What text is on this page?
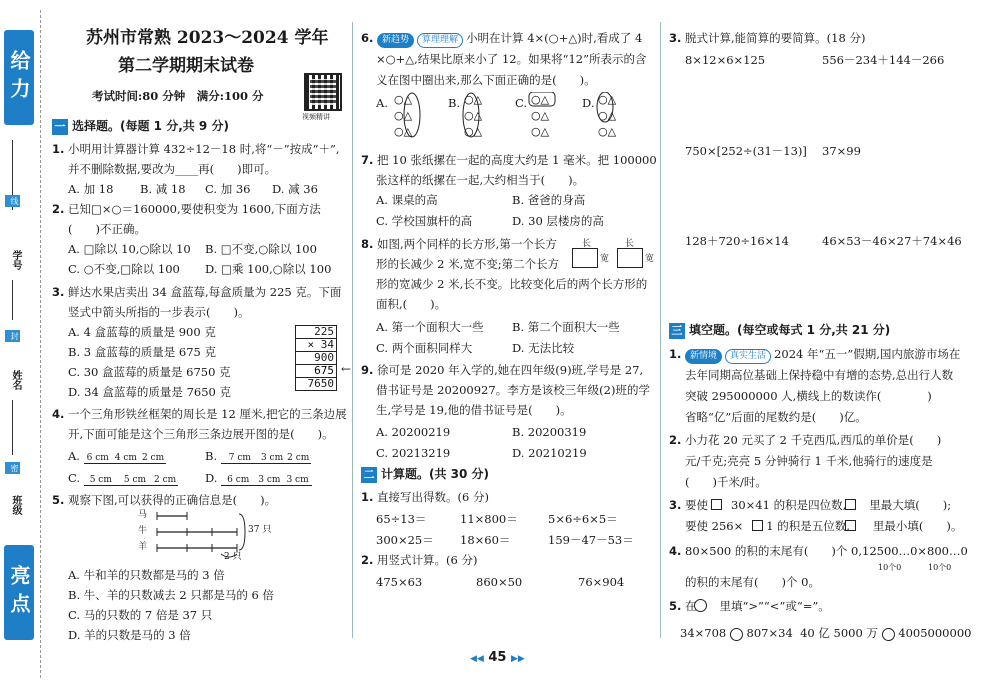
给力
线
学号
封
姓名
密
班级
亮点
苏州市常熟 2023～2024 学年
第二学期期末试卷
考试时间:80 分钟　满分:100 分
视频精讲
一 选择题。(每题 1 分,共 9 分)
1. 小明用计算器计算 432÷12－18 时,将“－”按成“＋”,
并不删除数据,要改为____再(　　)即可。
A. 加 18 B. 减 18 C. 加 36 D. 减 36
2. 已知□×○＝160000,要使积变为 1600,下面方法
(　　)不正确。
A. □除以 10,○除以 10 B. □不变,○除以 100
C. ○不变,□除以 100 D. □乘 100,○除以 100
3. 鲜达水果店卖出 34 盒蓝莓,每盒质量为 225 克。下面
竖式中箭头所指的一步表示(　　)。
A. 4 盒蓝莓的质量是 900 克
B. 3 盒蓝莓的质量是 675 克
C. 30 盒蓝莓的质量是 6750 克
D. 34 盒蓝莓的质量是 7650 克
225
× 34
900
675
7650
←
4. 一个三角形铁丝框架的周长是 12 厘米,把它的三条边展
开,下面可能是这个三角形三条边展开图的是(　　)。
A. 6 cm 4 cm 2 cm	B. 7 cm 3 cm 2 cm
C. 5 cm 5 cm 2 cm	D. 6 cm 3 cm 3 cm
5. 观察下图,可以获得的正确信息是(　　)。
马
牛
羊
37 只
2 只
A. 牛和羊的只数都是马的 3 倍
B. 牛、羊的只数减去 2 只都是马的 6 倍
C. 马的只数的 7 倍是 37 只
D. 羊的只数是马的 3 倍
6. 新趋势 算理理解 小明在计算 4×(○+△)时,看成了 4
×○+△,结果比原来小了 12。如果将“12”所表示的含
义在图中圈出来,那么下面正确的是(　　)。
A.	B.	C.	D.
○△
○△
○△
○△
○△
○△
○△
○△
○△
○△
○△
○△
7. 把 10 张纸摞在一起的高度大约是 1 毫米。把 100000
张这样的纸摞在一起,大约相当于(　　)。
A. 课桌的高	B. 爸爸的身高
C. 学校国旗杆的高	D. 30 层楼房的高
8. 如图,两个同样的长方形,第一个长方
形的长减少 2 米,宽不变;第二个长方
形的宽减少 2 米,长不变。比较变化后的两个长方形的
面积,(　　)。
长	长
宽	宽
A. 第一个面积大一些 B. 第二个面积大一些
C. 两个面积同样大	D. 无法比较
9. 徐可是 2020 年入学的,她在四年级(9)班,学号是 27,
借书证号是 20200927。李方是该校三年级(2)班的学
生,学号是 19,他的借书证号是(　　)。
A. 20200219	B. 20200319
C. 20213219	D. 20210219
二 计算题。(共 30 分)
1. 直接写出得数。(6 分)
65÷13＝	11×800＝	5×6÷6×5＝
300×25＝ 18×60＝	159－47－53＝
2. 用竖式计算。(6 分)
475×63	860×50	76×904
3. 脱式计算,能简算的要简算。(18 分)
8×12×6×125	556－234＋144－266
750×[252÷(31－13)] 37×99
128＋720÷16×14	46×53－46×27＋74×46
三 填空题。(每空或每式 1 分,共 21 分)
1. 新情境 真实生活 2024 年“五一”假期,国内旅游市场在
去年同期高位基础上保持稳中有增的态势,总出行人数
突破 295000000 人,横线上的数读作(　　　　)
省略“亿”后面的尾数约是(　　)亿。
2. 小力花 20 元买了 2 千克西瓜,西瓜的单价是(　　)
元/千克;亮亮 5 分钟骑行 1 千米,他骑行的速度是
(　　)千米/时。
3. 要使　　30×41 的积是四位数,　　里最大填(　　);
要使 256×　　1 的积是五位数,　　里最小填(　　)。
4. 80×500 的积的末尾有(　　)个 0,12500…0×800…0
10个0	10个0
的积的末尾有(　　)个 0。
5. 在　　里填“>”“<”或“=”。
34×708 807×34 40 亿 5000 万 4005000000
◀◀ 45 ▶▶
